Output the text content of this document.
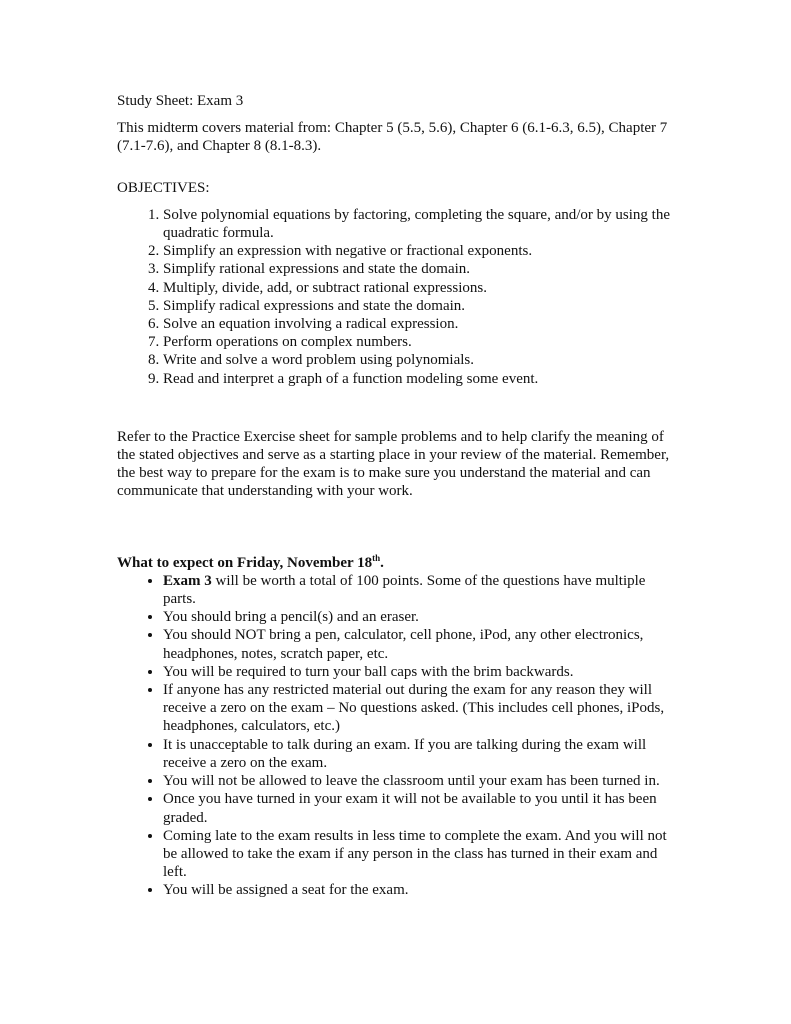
Study Sheet: Exam 3

This midterm covers material from: Chapter 5 (5.5, 5.6), Chapter 6 (6.1-6.3, 6.5), Chapter 7 (7.1-7.6), and Chapter 8 (8.1-8.3).

OBJECTIVES:

1. Solve polynomial equations by factoring, completing the square, and/or by using the quadratic formula.
2. Simplify an expression with negative or fractional exponents.
3. Simplify rational expressions and state the domain.
4. Multiply, divide, add, or subtract rational expressions.
5. Simplify radical expressions and state the domain.
6. Solve an equation involving a radical expression.
7. Perform operations on complex numbers.
8. Write and solve a word problem using polynomials.
9. Read and interpret a graph of a function modeling some event.

Refer to the Practice Exercise sheet for sample problems and to help clarify the meaning of the stated objectives and serve as a starting place in your review of the material. Remember, the best way to prepare for the exam is to make sure you understand the material and can communicate that understanding with your work.

What to expect on Friday, November 18th.

• Exam 3 will be worth a total of 100 points. Some of the questions have multiple parts.
• You should bring a pencil(s) and an eraser.
• You should NOT bring a pen, calculator, cell phone, iPod, any other electronics, headphones, notes, scratch paper, etc.
• You will be required to turn your ball caps with the brim backwards.
• If anyone has any restricted material out during the exam for any reason they will receive a zero on the exam – No questions asked. (This includes cell phones, iPods, headphones, calculators, etc.)
• It is unacceptable to talk during an exam. If you are talking during the exam will receive a zero on the exam.
• You will not be allowed to leave the classroom until your exam has been turned in.
• Once you have turned in your exam it will not be available to you until it has been graded.
• Coming late to the exam results in less time to complete the exam. And you will not be allowed to take the exam if any person in the class has turned in their exam and left.
• You will be assigned a seat for the exam.
